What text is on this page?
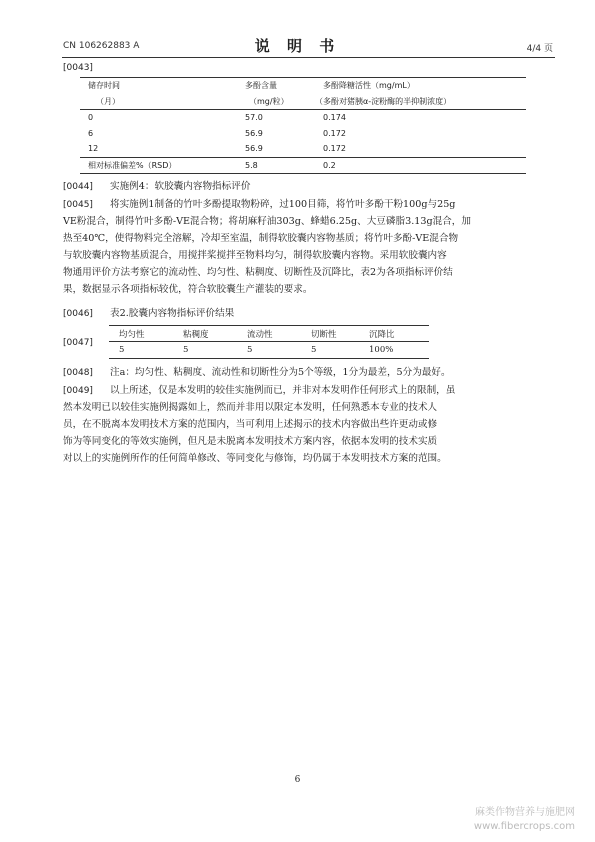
CN 106262883 A	说 明 书	4/4 页
[0043]
储存时间	多酚含量	多酚降糖活性（mg/mL）
（月）	（mg/粒）	（多酚对猪胰α-淀粉酶的半抑制浓度）
0	57.0	0.174
6	56.9	0.172
12	56.9	0.172
相对标准偏差%（RSD）	5.8	0.2
[0044] 实施例4：软胶囊内容物指标评价
[0045]	将实施例1制备的竹叶多酚提取物粉碎，过100目筛，将竹叶多酚干粉100g与25g
VE粉混合，制得竹叶多酚-VE混合物；将胡麻籽油303g、蜂蜡6.25g、大豆磷脂3.13g混合，加
热至40℃，使得物料完全溶解，冷却至室温，制得软胶囊内容物基质；将竹叶多酚-VE混合物
与软胶囊内容物基质混合，用搅拌桨搅拌至物料均匀，制得软胶囊内容物。采用软胶囊内容
物通用评价方法考察它的流动性、均匀性、粘稠度、切断性及沉降比，表2为各项指标评价结
果，数据显示各项指标较优，符合软胶囊生产灌装的要求。
[0046] 表2.胶囊内容物指标评价结果
[0047]
均匀性	粘稠度	流动性	切断性	沉降比
5	5	5	5	100%
[0048] 注a：均匀性、粘稠度、流动性和切断性分为5个等级，1分为最差，5分为最好。
[0049]	以上所述，仅是本发明的较佳实施例而已，并非对本发明作任何形式上的限制，虽
然本发明已以较佳实施例揭露如上，然而并非用以限定本发明，任何熟悉本专业的技术人
员，在不脱离本发明技术方案的范围内，当可利用上述揭示的技术内容做出些许更动或修
饰为等同变化的等效实施例，但凡是未脱离本发明技术方案内容，依据本发明的技术实质
对以上的实施例所作的任何简单修改、等同变化与修饰，均仍属于本发明技术方案的范围。
6
麻类作物营养与施肥网
www.fibercrops.com
